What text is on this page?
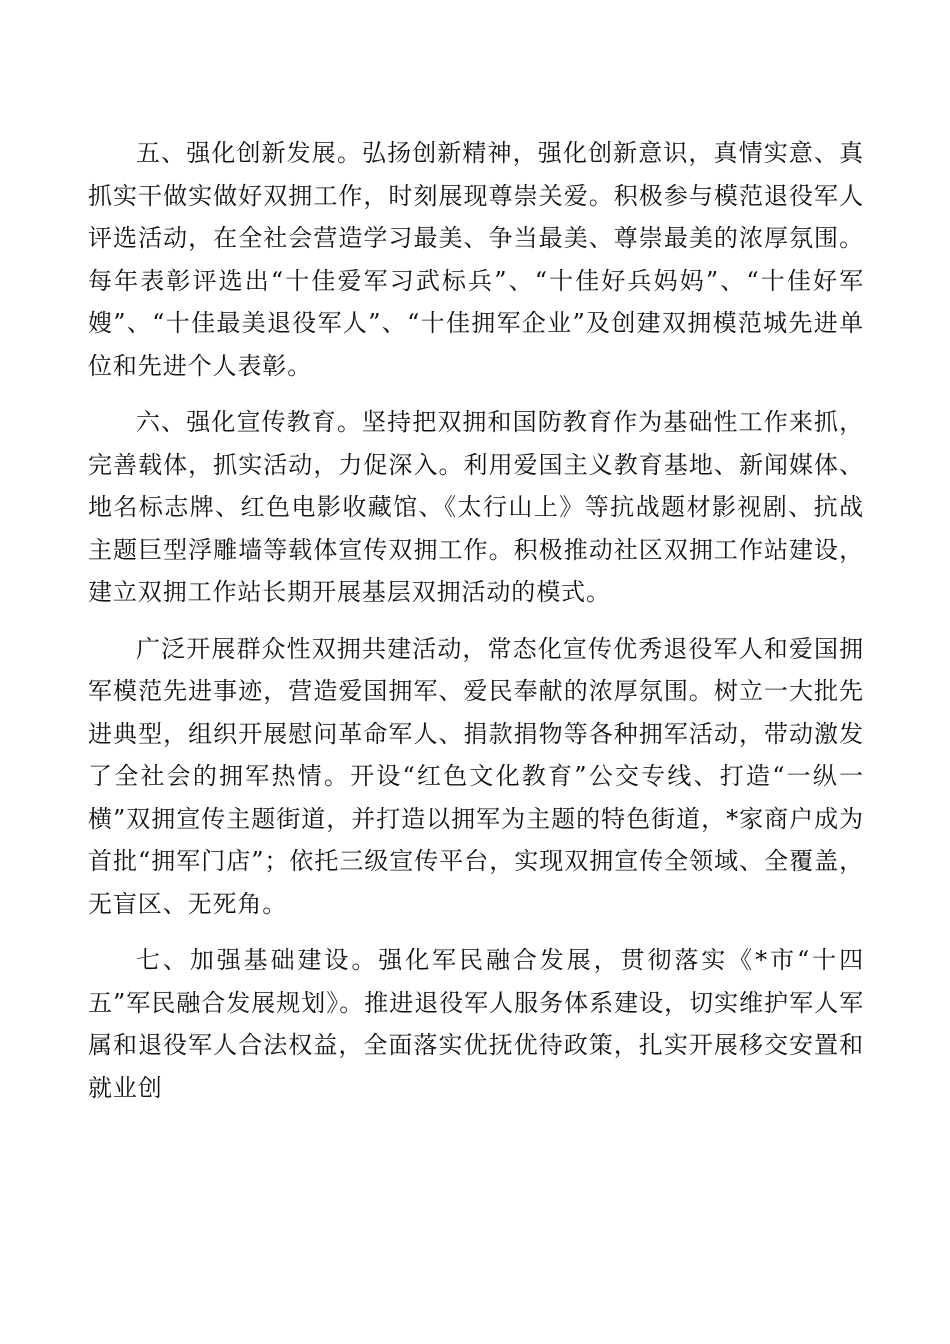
五、强化创新发展。弘扬创新精神，强化创新意识，真情实意、真抓实干做实做好双拥工作，时刻展现尊崇关爱。积极参与模范退役军人评选活动，在全社会营造学习最美、争当最美、尊崇最美的浓厚氛围。每年表彰评选出“十佳爱军习武标兵”、“十佳好兵妈妈”、“十佳好军嫂”、“十佳最美退役军人”、“十佳拥军企业”及创建双拥模范城先进单位和先进个人表彰。

六、强化宣传教育。坚持把双拥和国防教育作为基础性工作来抓，完善载体，抓实活动，力促深入。利用爱国主义教育基地、新闻媒体、地名标志牌、红色电影收藏馆、《太行山上》等抗战题材影视剧、抗战主题巨型浮雕墙等载体宣传双拥工作。积极推动社区双拥工作站建设，建立双拥工作站长期开展基层双拥活动的模式。

广泛开展群众性双拥共建活动，常态化宣传优秀退役军人和爱国拥军模范先进事迹，营造爱国拥军、爱民奉献的浓厚氛围。树立一大批先进典型，组织开展慰问革命军人、捐款捐物等各种拥军活动，带动激发了全社会的拥军热情。开设“红色文化教育”公交专线、打造“一纵一横”双拥宣传主题街道，并打造以拥军为主题的特色街道，*家商户成为首批“拥军门店”；依托三级宣传平台，实现双拥宣传全领域、全覆盖，无盲区、无死角。

七、加强基础建设。强化军民融合发展，贯彻落实《*市“十四五”军民融合发展规划》。推进退役军人服务体系建设，切实维护军人军属和退役军人合法权益，全面落实优抚优待政策，扎实开展移交安置和就业创
